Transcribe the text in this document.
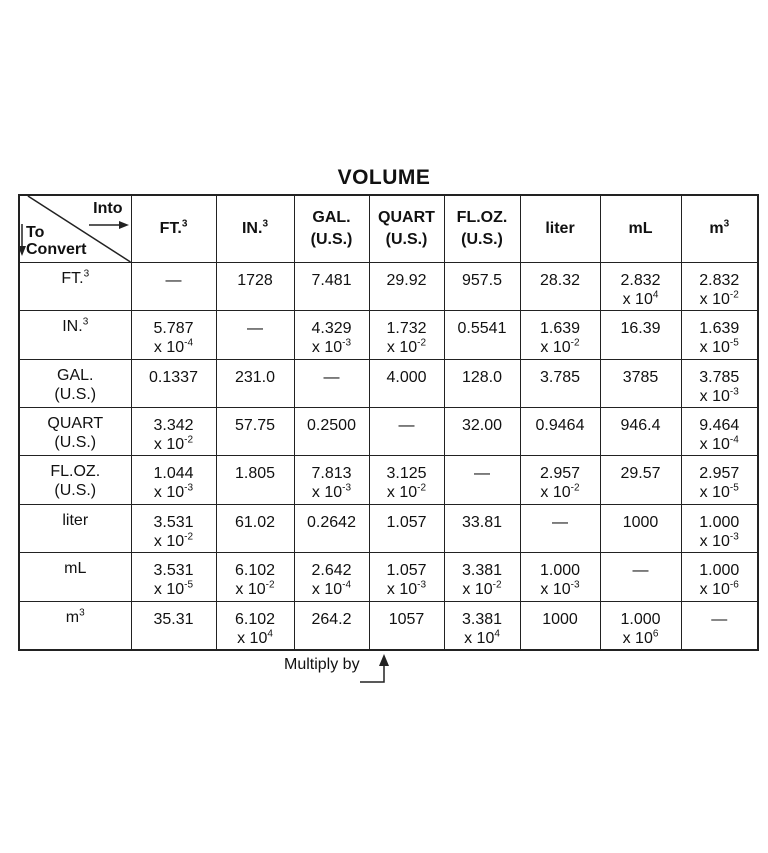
VOLUME
Into
To
Convert	FT.$^3$	IN.$^3$	GAL.
(U.S.)	QUART
(U.S.)	FL.OZ.
(U.S.)	liter	mL	$m^3$

FT.$^3$	—	1728	7.481	29.92	957.5	28.32	2.832
x $10^4$	2.832
x $10^{-2}$

IN.$^3$	5.787
x $10^{-4}$	—	4.329
x $10^{-3}$	1.732
x $10^{-2}$	0.5541	1.639
x $10^{-2}$	16.39	1.639
x $10^{-5}$

GAL.
(U.S.)	0.1337	231.0	—	4.000	128.0	3.785	3785	3.785
x $10^{-3}$

QUART
(U.S.)	3.342
x $10^{-2}$	57.75	0.2500	—	32.00	0.9464	946.4	9.464
x $10^{-4}$

FL.OZ.
(U.S.)	1.044
x $10^{-3}$	1.805	7.813
x $10^{-3}$	3.125
x $10^{-2}$	—	2.957
x $10^{-2}$	29.57	2.957
x $10^{-5}$

liter	3.531
x $10^{-2}$	61.02	0.2642	1.057	33.81	—	1000	1.000
x $10^{-3}$

mL	3.531
x $10^{-5}$	6.102
x $10^{-2}$	2.642
x $10^{-4}$	1.057
x $10^{-3}$	3.381
x $10^{-2}$	1.000
x $10^{-3}$	—	1.000
x $10^{-6}$

$m^3$	35.31	6.102
x $10^4$	264.2	1057	3.381
x $10^4$	1000	1.000
x $10^6$	—
Multiply by
